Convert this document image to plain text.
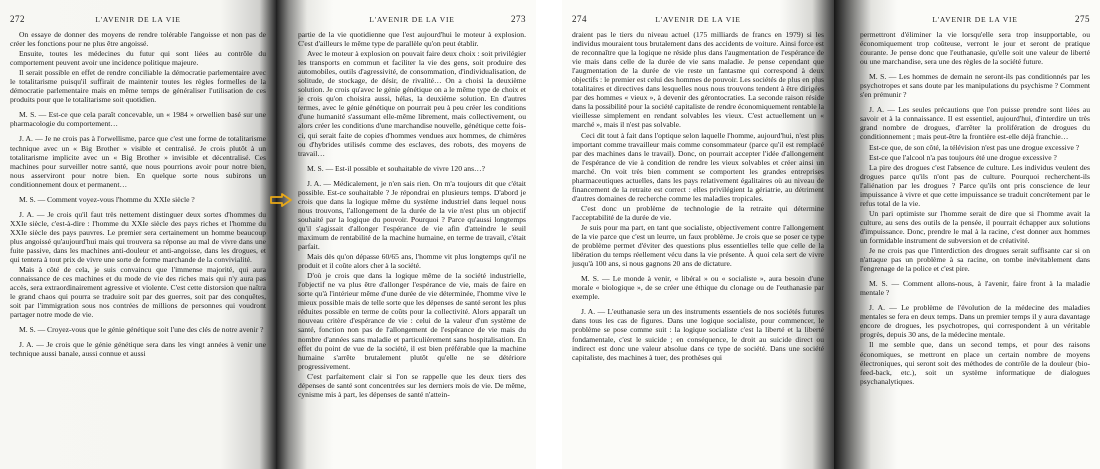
272	L'AVENIR DE LA VIE

On essaye de donner des moyens de rendre tolérable l'angoisse et non pas de créer les fonctions pour ne plus être angoissé.

Ensuite, toutes les médecines du futur qui sont liées au contrôle du comportement peuvent avoir une incidence politique majeure.

Il serait possible en effet de rendre conciliable la démocratie parlementaire avec le totalitarisme puisqu'il suffirait de maintenir toutes les règles formelles de la démocratie parlementaire mais en même temps de généraliser l'utilisation de ces produits pour que le totalitarisme soit quotidien.

M. S. — Est-ce que cela paraît concevable, un « 1984 » orwellien basé sur une pharmacologie du comportement…

J. A. — Je ne crois pas à l'orwellisme, parce que c'est une forme de totalitarisme technique avec un « Big Brother » visible et centralisé. Je crois plutôt à un totalitarisme implicite avec un « Big Brother » invisible et décentralisé. Ces machines pour surveiller notre santé, que nous pourrions avoir pour notre bien, nous asserviront pour notre bien. En quelque sorte nous subirons un conditionnement doux et permanent…

M. S. — Comment voyez-vous l'homme du XXIe siècle ?

J. A. — Je crois qu'il faut très nettement distinguer deux sortes d'hommes du XXIe siècle, c'est-à-dire : l'homme du XXIe siècle des pays riches et l'homme du XXIe siècle des pays pauvres. Le premier sera certainement un homme beaucoup plus angoissé qu'aujourd'hui mais qui trouvera sa réponse au mal de vivre dans une fuite passive, dans les machines anti-douleur et anti-angoisse, dans les drogues, et qui tentera à tout prix de vivre une sorte de forme marchande de la convivialité.

Mais à côté de cela, je suis convaincu que l'immense majorité, qui aura connaissance de ces machines et du mode de vie des riches mais qui n'y aura pas accès, sera extraordinairement agressive et violente. C'est cette distorsion que naîtra le grand chaos qui pourra se traduire soit par des guerres, soit par des conquêtes, soit par l'immigration sous nos contrées de millions de personnes qui voudront partager notre mode de vie.

M. S. — Croyez-vous que le génie génétique soit l'une des clés de notre avenir ?

J. A. — Je crois que le génie génétique sera dans les vingt années à venir une technique aussi banale, aussi connue et aussi

L'AVENIR DE LA VIE	273

partie de la vie quotidienne que l'est aujourd'hui le moteur à explosion. C'est d'ailleurs le même type de parallèle qu'on peut établir.

Avec le moteur à explosion on pouvait faire deux choix : soit privilégier les transports en commun et faciliter la vie des gens, soit produire des automobiles, outils d'agressivité, de consommation, d'individualisation, de solitude, de stockage, de désir, de rivalité… On a choisi la deuxième solution. Je crois qu'avec le génie génétique on a le même type de choix et je crois qu'on choisira aussi, hélas, la deuxième solution. En d'autres termes, avec le génie génétique on pourrait peu à peu créer les conditions d'une humanité s'assumant elle-même librement, mais collectivement, ou alors créer les conditions d'une marchandise nouvelle, génétique cette fois-ci, qui serait faite de copies d'hommes vendues aux hommes, de chimères ou d'hybrides utilisés comme des esclaves, des robots, des moyens de travail…

M. S. — Est-il possible et souhaitable de vivre 120 ans…?

J. A. — Médicalement, je n'en sais rien. On m'a toujours dit que c'était possible. Est-ce souhaitable ? Je répondrai en plusieurs temps. D'abord je crois que dans la logique même du système industriel dans lequel nous nous trouvons, l'allongement de la durée de la vie n'est plus un objectif souhaité par la logique du pouvoir. Pourquoi ? Parce qu'aussi longtemps qu'il s'agissait d'allonger l'espérance de vie afin d'atteindre le seuil maximum de rentabilité de la machine humaine, en terme de travail, c'était parfait.

Mais dès qu'on dépasse 60/65 ans, l'homme vit plus longtemps qu'il ne produit et il coûte alors cher à la société.

D'où je crois que dans la logique même de la société industrielle, l'objectif ne va plus être d'allonger l'espérance de vie, mais de faire en sorte qu'à l'intérieur même d'une durée de vie déterminée, l'homme vive le mieux possible mais de telle sorte que les dépenses de santé seront les plus réduites possible en terme de coûts pour la collectivité. Alors apparaît un nouveau critère d'espérance de vie : celui de la valeur d'un système de santé, fonction non pas de l'allongement de l'espérance de vie mais du nombre d'années sans maladie et particulièrement sans hospitalisation. En effet du point de vue de la société, il est bien préférable que la machine humaine s'arrête brutalement plutôt qu'elle ne se détériore progressivement.

C'est parfaitement clair si l'on se rappelle que les deux tiers des dépenses de santé sont concentrées sur les derniers mois de vie. De même, cynisme mis à part, les dépenses de santé n'attein-

274	L'AVENIR DE LA VIE

draient pas le tiers du niveau actuel (175 milliards de francs en 1979) si les individus mouraient tous brutalement dans des accidents de voiture. Ainsi force est de reconnaître que la logique ne réside plus dans l'augmentation de l'espérance de vie mais dans celle de la durée de vie sans maladie. Je pense cependant que l'augmentation de la durée de vie reste un fantasme qui correspond à deux objectifs : le premier est celui des hommes de pouvoir. Les sociétés de plus en plus totalitaires et directives dans lesquelles nous nous trouvons tendent à être dirigées par des hommes « vieux », à devenir des gérontocraties. La seconde raison réside dans la possibilité pour la société capitaliste de rendre économiquement rentable la vieillesse simplement en rendant solvables les vieux. C'est actuellement un « marché », mais il n'est pas solvable.

Ceci dit tout à fait dans l'optique selon laquelle l'homme, aujourd'hui, n'est plus important comme travailleur mais comme consommateur (parce qu'il est remplacé par des machines dans le travail). Donc, on pourrait accepter l'idée d'allongement de l'espérance de vie à condition de rendre les vieux solvables et créer ainsi un marché. On voit très bien comment se comportent les grandes entreprises pharmaceutiques actuelles, dans les pays relativement égalitaires où au niveau de financement de la retraite est correct : elles privilégient la gériatrie, au détriment d'autres domaines de recherche comme les maladies tropicales.

C'est donc un problème de technologie de la retraite qui détermine l'acceptabilité de la durée de vie.

Je suis pour ma part, en tant que socialiste, objectivement contre l'allongement de la vie parce que c'est un leurre, un faux problème. Je crois que se poser ce type de problème permet d'éviter des questions plus essentielles telle que celle de la libération du temps réellement vécu dans la vie présente. À quoi cela sert de vivre jusqu'à 100 ans, si nous gagnons 20 ans de dictature.

M. S. — Le monde à venir, « libéral » ou « socialiste », aura besoin d'une morale « biologique », de se créer une éthique du clonage ou de l'euthanasie par exemple.

J. A. — L'euthanasie sera un des instruments essentiels de nos sociétés futures dans tous les cas de figures. Dans une logique socialiste, pour commencer, le problème se pose comme suit : la logique socialiste c'est la liberté et la liberté fondamentale, c'est le suicide ; en conséquence, le droit au suicide direct ou indirect est donc une valeur absolue dans ce type de société. Dans une société capitaliste, des machines à tuer, des prothèses qui

L'AVENIR DE LA VIE	275

permettront d'éliminer la vie lorsqu'elle sera trop insupportable, ou économiquement trop coûteuse, verront le jour et seront de pratique courante. Je pense donc que l'euthanasie, qu'elle soit une valeur de liberté ou une marchandise, sera une des règles de la société future.

M. S. — Les hommes de demain ne seront-ils pas conditionnés par les psychotropes et sans doute par les manipulations du psychisme ? Comment s'en prémunir ?

J. A. — Les seules précautions que l'on puisse prendre sont liées au savoir et à la connaissance. Il est essentiel, aujourd'hui, d'interdire un très grand nombre de drogues, d'arrêter la prolifération de drogues du conditionnement ; mais peut-être la frontière est-elle déjà franchie…

Est-ce que, de son côté, la télévision n'est pas une drogue excessive ?

Est-ce que l'alcool n'a pas toujours été une drogue excessive ?

La pire des drogues c'est l'absence de culture. Les individus veulent des drogues parce qu'ils n'ont pas de culture. Pourquoi recherchent-ils l'aliénation par les drogues ? Parce qu'ils ont pris conscience de leur impuissance à vivre et que cette impuissance se traduit concrètement par le refus total de la vie.

Un pari optimiste sur l'homme serait de dire que si l'homme avait la culture, au sens des outils de la pensée, il pourrait échapper aux solutions d'impuissance. Donc, prendre le mal à la racine, c'est donner aux hommes un formidable instrument de subversion et de créativité.

Je ne crois pas que l'interdiction des drogues serait suffisante car si on n'attaque pas un problème à sa racine, on tombe inévitablement dans l'engrenage de la police et c'est pire.

M. S. — Comment allons-nous, à l'avenir, faire front à la maladie mentale ?

J. A. — Le problème de l'évolution de la médecine des maladies mentales se fera en deux temps. Dans un premier temps il y aura davantage encore de drogues, les psychotropes, qui correspondent à un véritable progrès, depuis 30 ans, de la médecine mentale.

Il me semble que, dans un second temps, et pour des raisons économiques, se mettront en place un certain nombre de moyens électroniques, qui seront soit des méthodes de contrôle de la douleur (bio-feed-back, etc.), soit un système informatique de dialogues psychanalytiques.
